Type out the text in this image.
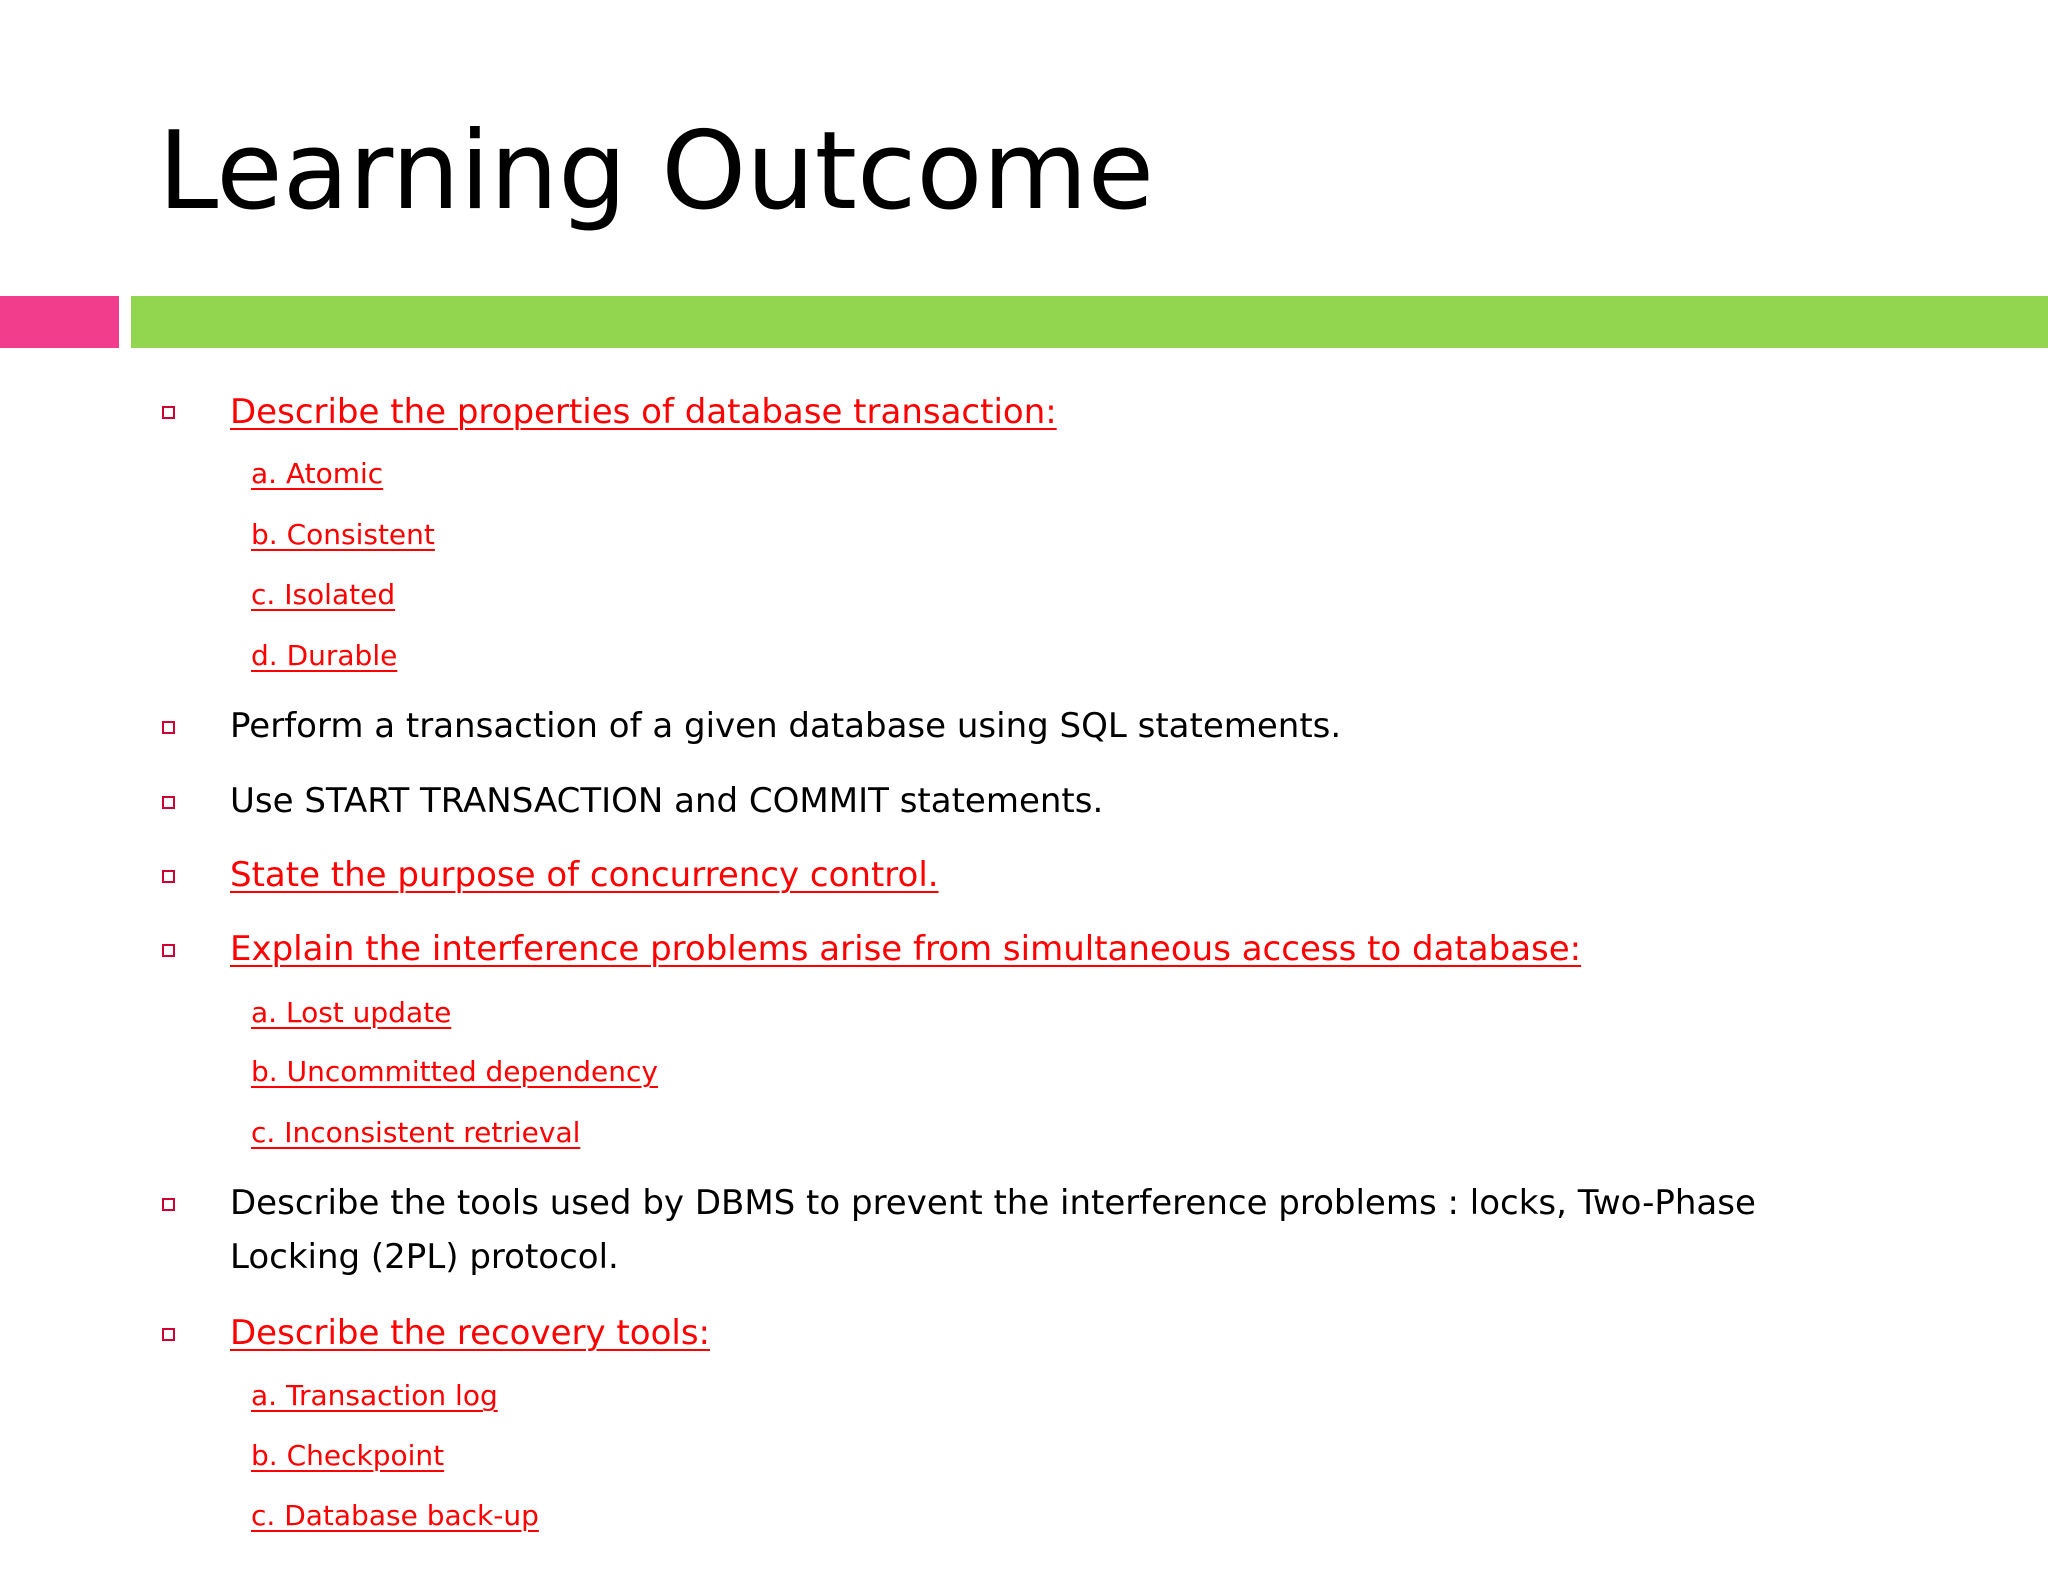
Learning Outcome
Describe the properties of database transaction:
a. Atomic
b. Consistent
c. Isolated
d. Durable
Perform a transaction of a given database using SQL statements.
Use START TRANSACTION and COMMIT statements.
State the purpose of concurrency control.
Explain the interference problems arise from simultaneous access to database:
a. Lost update
b. Uncommitted dependency
c. Inconsistent retrieval
Describe the tools used by DBMS to prevent the interference problems : locks, Two-Phase
Locking (2PL) protocol.
Describe the recovery tools:
a. Transaction log
b. Checkpoint
c. Database back-up
